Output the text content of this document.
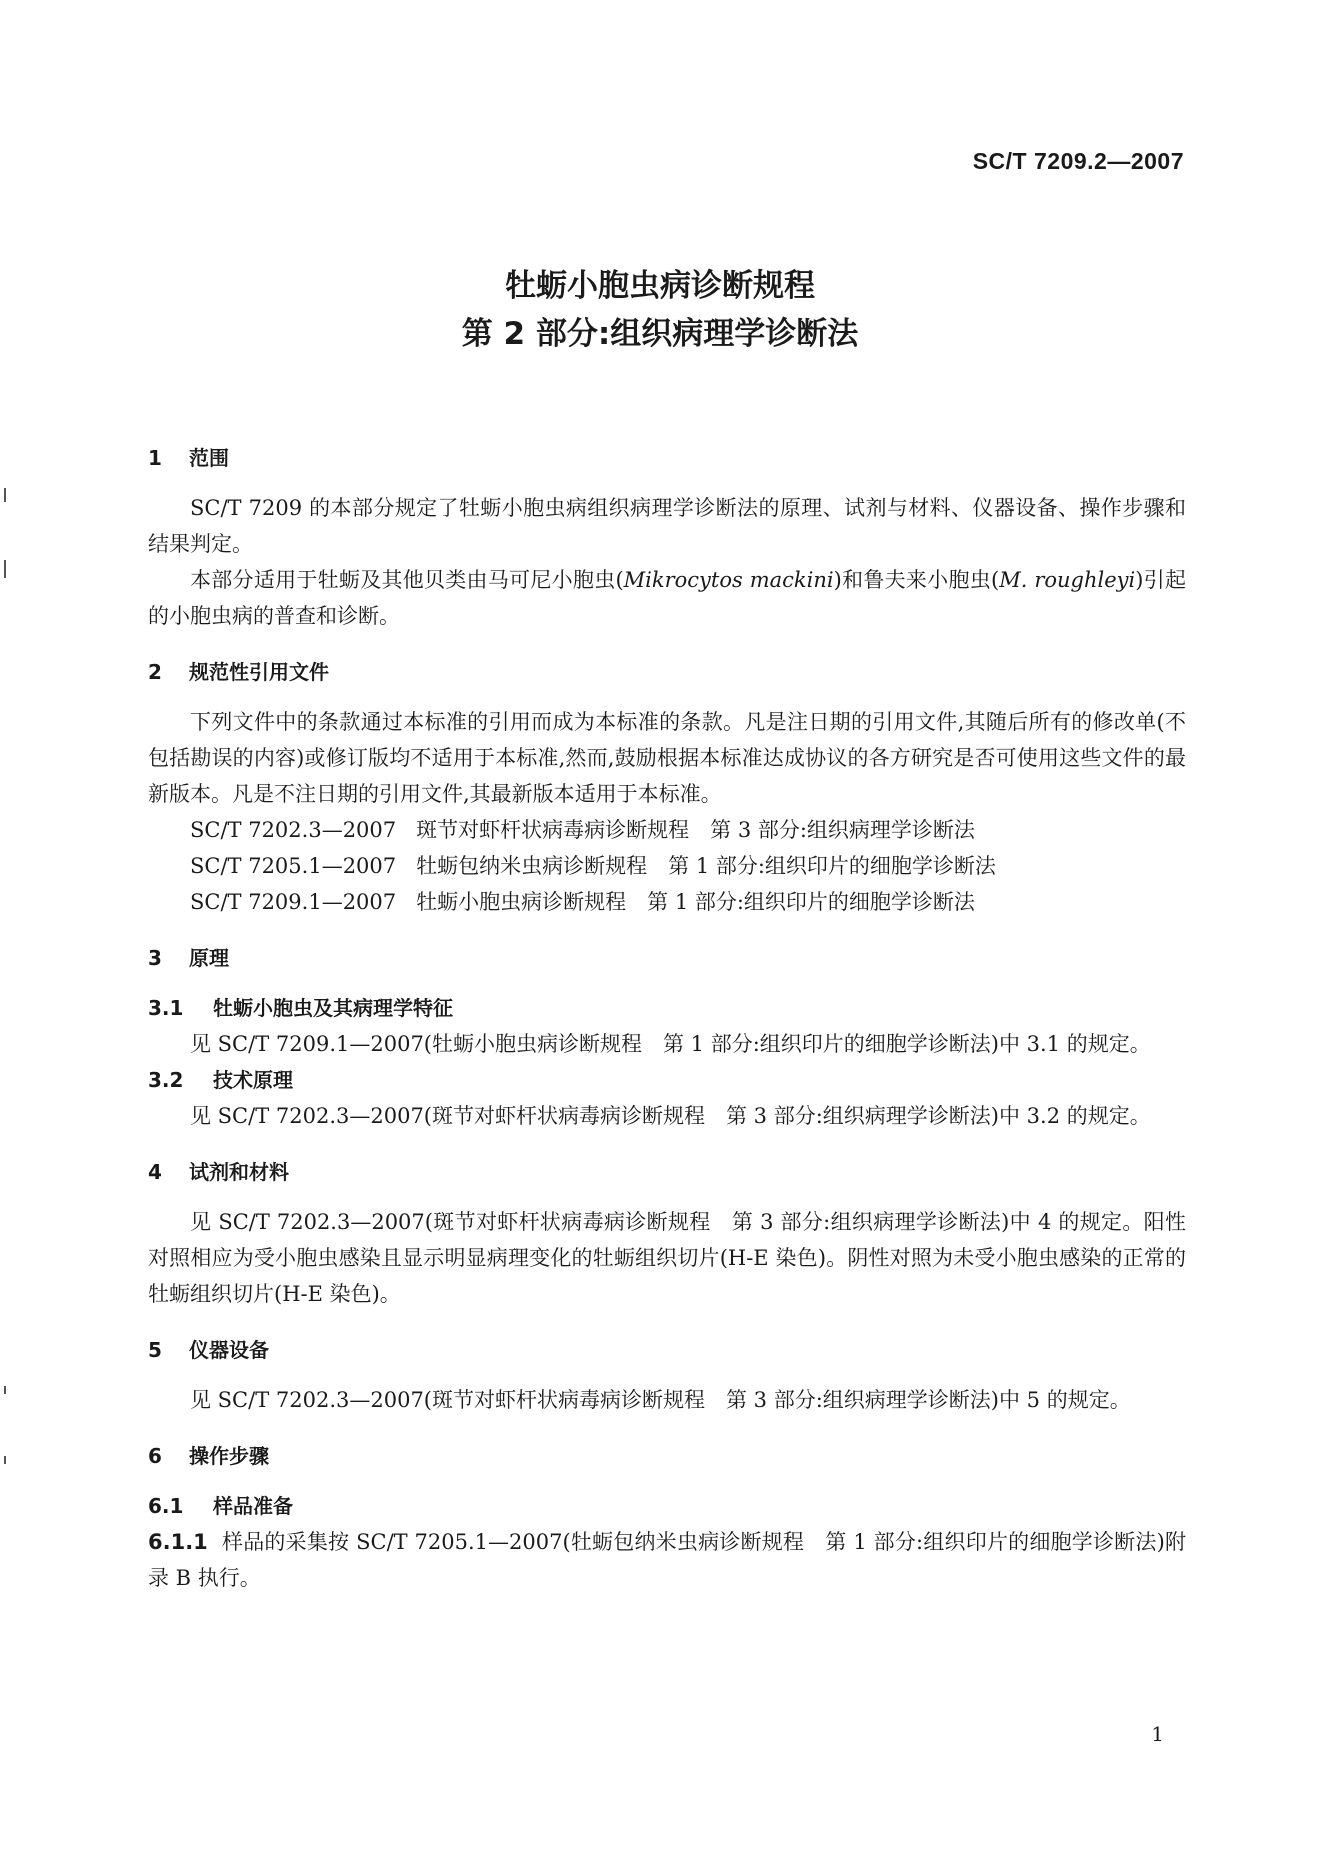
SC/T 7209.2—2007
牡蛎小胞虫病诊断规程
第 2 部分:组织病理学诊断法
1 范围

SC/T 7209 的本部分规定了牡蛎小胞虫病组织病理学诊断法的原理、试剂与材料、仪器设备、操作步骤和结果判定。

本部分适用于牡蛎及其他贝类由马可尼小胞虫(Mikrocytos mackini)和鲁夫来小胞虫(M. roughleyi)引起的小胞虫病的普查和诊断。

2 规范性引用文件

下列文件中的条款通过本标准的引用而成为本标准的条款。凡是注日期的引用文件,其随后所有的修改单(不包括勘误的内容)或修订版均不适用于本标准,然而,鼓励根据本标准达成协议的各方研究是否可使用这些文件的最新版本。凡是不注日期的引用文件,其最新版本适用于本标准。

SC/T 7202.3—2007 斑节对虾杆状病毒病诊断规程　第 3 部分:组织病理学诊断法

SC/T 7205.1—2007 牡蛎包纳米虫病诊断规程　第 1 部分:组织印片的细胞学诊断法

SC/T 7209.1—2007 牡蛎小胞虫病诊断规程　第 1 部分:组织印片的细胞学诊断法

3 原理
3.1 牡蛎小胞虫及其病理学特征

见 SC/T 7209.1—2007(牡蛎小胞虫病诊断规程　第 1 部分:组织印片的细胞学诊断法)中 3.1 的规定。

3.2 技术原理

见 SC/T 7202.3—2007(斑节对虾杆状病毒病诊断规程　第 3 部分:组织病理学诊断法)中 3.2 的规定。

4 试剂和材料

见 SC/T 7202.3—2007(斑节对虾杆状病毒病诊断规程　第 3 部分:组织病理学诊断法)中 4 的规定。阳性对照相应为受小胞虫感染且显示明显病理变化的牡蛎组织切片(H-E 染色)。阴性对照为未受小胞虫感染的正常的牡蛎组织切片(H-E 染色)。

5 仪器设备

见 SC/T 7202.3—2007(斑节对虾杆状病毒病诊断规程　第 3 部分:组织病理学诊断法)中 5 的规定。

6 操作步骤
6.1 样品准备

6.1.1 样品的采集按 SC/T 7205.1—2007(牡蛎包纳米虫病诊断规程　第 1 部分:组织印片的细胞学诊断法)附录 B 执行。

1
